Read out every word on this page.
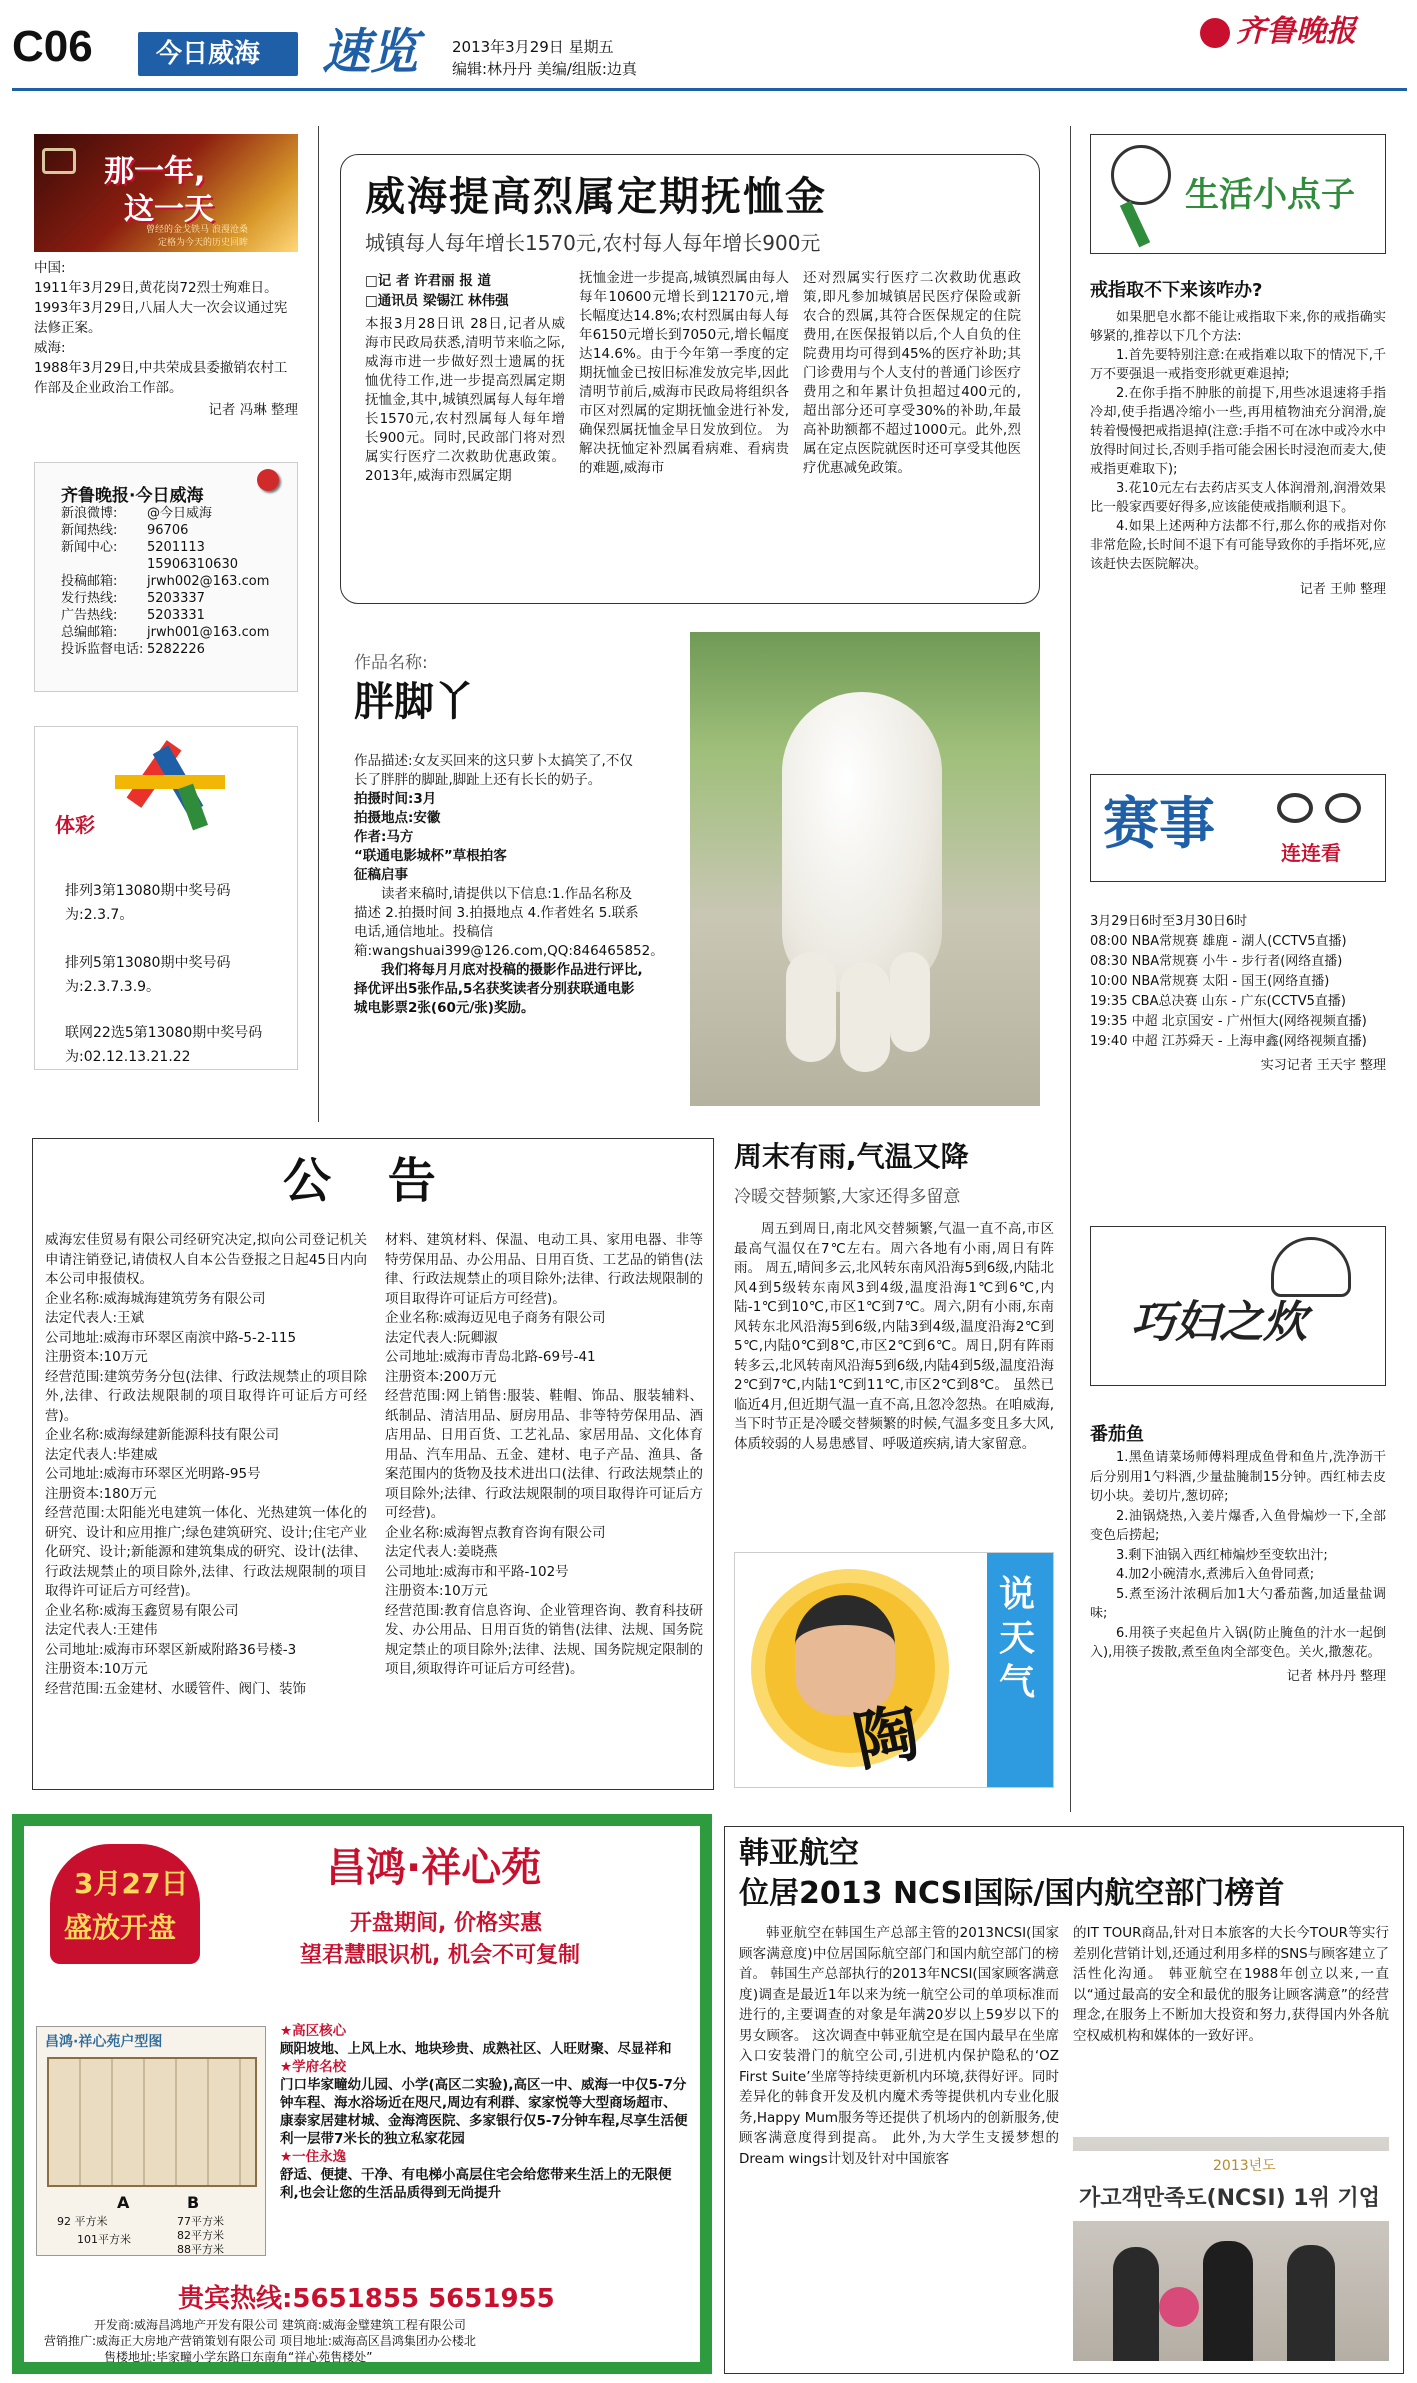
C06 今日威海 速览 2013年3月29日 星期五
编辑:林丹丹 美编/组版:边真
齐鲁晚报
那一年,
这一天
曾经的金戈铁马 浪漫沧桑
定格为今天的历史回眸
中国:
1911年3月29日,黄花岗72烈士殉难日。
1993年3月29日,八届人大一次会议通过宪法修正案。
威海:
1988年3月29日,中共荣成县委撤销农村工作部及企业政治工作部。
记者 冯琳 整理
齐鲁晚报·今日威海
新浪微博:	@今日威海
新闻热线:	96706
新闻中心:	5201113
15906310630
投稿邮箱:	jrwh002@163.com
发行热线:	5203337
广告热线:	5203331
总编邮箱:	jrwh001@163.com
投诉监督电话: 5282226
体彩
排列3第13080期中奖号码为:2.3.7。
排列5第13080期中奖号码为:2.3.7.3.9。
联网22选5第13080期中奖号码为:02.12.13.21.22
威海提高烈属定期抚恤金
城镇每人每年增长1570元,农村每人每年增长900元
□记 者 许君丽 报 道
□通讯员 梁锡江 林伟强
本报3月28日讯 28日,记者从威海市民政局获悉,清明节来临之际,威海市进一步做好烈士遗属的抚恤优待工作,进一步提高烈属定期抚恤金,其中,城镇烈属每人每年增长1570元,农村烈属每人每年增长900元。同时,民政部门将对烈属实行医疗二次救助优惠政策。 2013年,威海市烈属定期
抚恤金进一步提高,城镇烈属由每人每年10600元增长到12170元,增长幅度达14.8%;农村烈属由每人每年6150元增长到7050元,增长幅度达14.6%。由于今年第一季度的定期抚恤金已按旧标准发放完毕,因此清明节前后,威海市民政局将组织各市区对烈属的定期抚恤金进行补发,确保烈属抚恤金早日发放到位。 为解决抚恤定补烈属看病难、看病贵的难题,威海市
还对烈属实行医疗二次救助优惠政策,即凡参加城镇居民医疗保险或新农合的烈属,其符合医保规定的住院费用,在医保报销以后,个人自负的住院费用均可得到45%的医疗补助;其门诊费用与个人支付的普通门诊医疗费用之和年累计负担超过400元的,超出部分还可享受30%的补助,年最高补助额都不超过1000元。此外,烈属在定点医院就医时还可享受其他医疗优惠减免政策。
作品名称:
胖脚丫

作品描述:女友买回来的这只萝卜太搞笑了,不仅长了胖胖的脚趾,脚趾上还有长长的奶子。

拍摄时间:3月

拍摄地点:安徽

作者:马方

“联通电影城杯”草根拍客

征稿启事

读者来稿时,请提供以下信息:1.作品名称及描述 2.拍摄时间 3.拍摄地点 4.作者姓名 5.联系电话,通信地址。投稿信箱:wangshuai399@126.com,QQ:846465852。

我们将每月月底对投稿的摄影作品进行评比,择优评出5张作品,5名获奖读者分别获联通电影城电影票2张(60元/张)奖励。

生活小点子
戒指取不下来该咋办?

如果肥皂水都不能让戒指取下来,你的戒指确实够紧的,推荐以下几个方法:

1.首先要特别注意:在戒指难以取下的情况下,千万不要强退一戒指变形就更难退掉;

2.在你手指不肿胀的前提下,用些冰退速将手指冷却,使手指遇冷缩小一些,再用植物油充分润滑,旋转着慢慢把戒指退掉(注意:手指不可在冰中或冷水中放得时间过长,否则手指可能会困长时浸泡而麦大,使戒指更难取下);

3.花10元左右去药店买支人体润滑剂,润滑效果比一般家西要好得多,应该能使戒指顺利退下。

4.如果上述两种方法都不行,那么你的戒指对你非常危险,长时间不退下有可能导致你的手指坏死,应该赶快去医院解决。

记者 王帅 整理

赛事	连连看
3月29日6时至3月30日6时
08:00 NBA常规赛 雄鹿 - 湖人(CCTV5直播)
08:30 NBA常规赛 小牛 - 步行者(网络直播)
10:00 NBA常规赛 太阳 - 国王(网络直播)
19:35 CBA总决赛 山东 - 广东(CCTV5直播)
19:35 中超 北京国安 - 广州恒大(网络视频直播)
19:40 中超 江苏舜天 - 上海申鑫(网络视频直播)
实习记者 王天宇 整理
巧妇之炊
番茄鱼

1.黑鱼请菜场师傅料理成鱼骨和鱼片,洗净沥干后分别用1勺料酒,少量盐腌制15分钟。西红柿去皮切小块。姜切片,葱切碎;

2.油锅烧热,入姜片爆香,入鱼骨煸炒一下,全部变色后捞起;

3.剩下油锅入西红柿煸炒至变软出汁;

4.加2小碗清水,煮沸后入鱼骨同煮;

5.煮至汤汁浓稠后加1大勺番茄酱,加适量盐调味;

6.用筷子夹起鱼片入锅(防止腌鱼的汁水一起倒入),用筷子拨散,煮至鱼肉全部变色。关火,撒葱花。

记者 林丹丹 整理

公 告
威海宏佳贸易有限公司经研究决定,拟向公司登记机关申请注销登记,请债权人自本公告登报之日起45日内向本公司申报债权。
企业名称:威海城海建筑劳务有限公司
法定代表人:王斌
公司地址:威海市环翠区南滨中路-5-2-115
注册资本:10万元
经营范围:建筑劳务分包(法律、行政法规禁止的项目除外,法律、行政法规限制的项目取得许可证后方可经营)。
企业名称:威海绿建新能源科技有限公司
法定代表人:毕建威
公司地址:威海市环翠区光明路-95号
注册资本:180万元
经营范围:太阳能光电建筑一体化、光热建筑一体化的研究、设计和应用推广;绿色建筑研究、设计;住宅产业化研究、设计;新能源和建筑集成的研究、设计(法律、行政法规禁止的项目除外,法律、行政法规限制的项目取得许可证后方可经营)。
企业名称:威海玉鑫贸易有限公司
法定代表人:王建伟
公司地址:威海市环翠区新威附路36号楼-3
注册资本:10万元
经营范围:五金建材、水暖管件、阀门、装饰
材料、建筑材料、保温、电动工具、家用电器、非等特劳保用品、办公用品、日用百货、工艺品的销售(法律、行政法规禁止的项目除外;法律、行政法规限制的项目取得许可证后方可经营)。
企业名称:威海迈见电子商务有限公司
法定代表人:阮卿淑
公司地址:威海市青岛北路-69号-41
注册资本:200万元
经营范围:网上销售:服装、鞋帽、饰品、服装辅料、纸制品、清洁用品、厨房用品、非等特劳保用品、酒店用品、日用百货、工艺礼品、家居用品、文化体育用品、汽车用品、五金、建材、电子产品、渔具、备案范围内的货物及技术进出口(法律、行政法规禁止的项目除外;法律、行政法规限制的项目取得许可证后方可经营)。
企业名称:威海智点教育咨询有限公司
法定代表人:姜晓燕
公司地址:威海市和平路-102号
注册资本:10万元
经营范围:教育信息咨询、企业管理咨询、教育科技研发、办公用品、日用百货的销售(法律、法规、国务院规定禁止的项目除外;法律、法规、国务院规定限制的项目,须取得许可证后方可经营)。
周末有雨,气温又降
冷暖交替频繁,大家还得多留意
周五到周日,南北风交替频繁,气温一直不高,市区最高气温仅在7℃左右。周六各地有小雨,周日有阵雨。 周五,晴间多云,北风转东南风沿海5到6级,内陆北风4到5级转东南风3到4级,温度沿海1℃到6℃,内陆-1℃到10℃,市区1℃到7℃。周六,阴有小雨,东南风转东北风沿海5到6级,内陆3到4级,温度沿海2℃到5℃,内陆0℃到8℃,市区2℃到6℃。周日,阴有阵雨转多云,北风转南风沿海5到6级,内陆4到5级,温度沿海2℃到7℃,内陆1℃到11℃,市区2℃到8℃。 虽然已临近4月,但近期气温一直不高,且忽冷忽热。在咱威海,当下时节正是冷暖交替频繁的时候,气温多变且多大风,体质较弱的人易患感冒、呼吸道疾病,请大家留意。
陶
说天气
3月27日
盛放开盘
昌鸿·祥心苑
开盘期间, 价格实惠
望君慧眼识机, 机会不可复制
昌鸿·祥心苑户型图
A	B
92 平方米
101平方米
77平方米
82平方米
88平方米

★高区核心

顾阳坡地、上风上水、地块珍贵、成熟社区、人旺财聚、尽显祥和

★学府名校

门口毕家疃幼儿园、小学(高区二实验),高区一中、威海一中仅5-7分钟车程、海水浴场近在咫尺,周边有利群、家家悦等大型商场超市、康泰家居建材城、金海湾医院、多家银行仅5-7分钟车程,尽享生活便利一层带7米长的独立私家花园

★一住永逸

舒适、便捷、干净、有电梯小高层住宅会给您带来生活上的无限便利,也会让您的生活品质得到无尚提升

贵宾热线:5651855 5651955
开发商:威海昌鸿地产开发有限公司 建筑商:威海金璧建筑工程有限公司
营销推广:威海正大房地产营销策划有限公司 项目地址:威海高区昌鸿集团办公楼北
售楼地址:毕家疃小学东路口东南角“祥心苑售楼处”
韩亚航空
位居2013 NCSI国际/国内航空部门榜首
韩亚航空在韩国生产总部主管的2013NCSI(国家顾客满意度)中位居国际航空部门和国内航空部门的榜首。 韩国生产总部执行的2013年NCSI(国家顾客满意度)调查是最近1年以来为统一航空公司的单项标准而进行的,主要调查的对象是年满20岁以上59岁以下的男女顾客。 这次调查中韩亚航空是在国内最早在坐席入口安装滑门的航空公司,引进机内保护隐私的‘OZ First Suite’坐席等持续更新机内环境,获得好评。同时差异化的韩食开发及机内魔术秀等提供机内专业化服务,Happy Mum服务等还提供了机场内的创新服务,使顾客满意度得到提高。 此外,为大学生支援梦想的Dream wings计划及针对中国旅客
的IT TOUR商品,针对日本旅客的大长今TOUR等实行差别化营销计划,还通过利用多样的SNS与顾客建立了活性化沟通。 韩亚航空在1988年创立以来,一直以“通过最高的安全和最优的服务让顾客满意”的经营理念,在服务上不断加大投资和努力,获得国内外各航空权威机构和媒体的一致好评。
2013년도
가고객만족도(NCSI) 1위 기업
